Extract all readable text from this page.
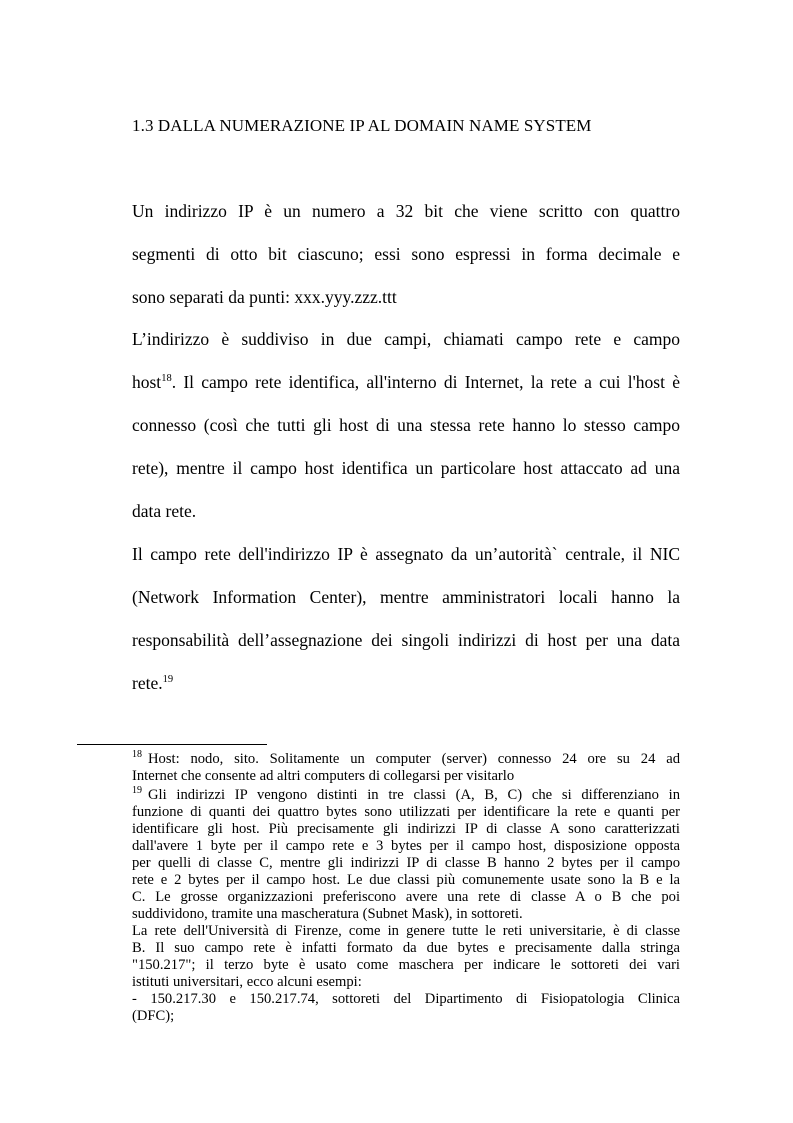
1.3 DALLA NUMERAZIONE IP AL DOMAIN NAME SYSTEM
Un indirizzo IP è un numero a 32 bit che viene scritto con quattro
segmenti di otto bit ciascuno; essi sono espressi in forma decimale e
sono separati da punti: xxx.yyy.zzz.ttt
L’indirizzo è suddiviso in due campi, chiamati campo rete e campo
host$^{18}$. Il campo rete identifica, all'interno di Internet, la rete a cui l'host è
connesso (così che tutti gli host di una stessa rete hanno lo stesso campo
rete), mentre il campo host identifica un particolare host attaccato ad una
data rete.
Il campo rete dell'indirizzo IP è assegnato da un’autorità` centrale, il NIC
(Network Information Center), mentre amministratori locali hanno la
responsabilità dell’assegnazione dei singoli indirizzi di host per una data
rete.$^{19}$
$^{18}$ Host: nodo, sito. Solitamente un computer (server) connesso 24 ore su 24 ad
Internet che consente ad altri computers di collegarsi per visitarlo
$^{19}$ Gli indirizzi IP vengono distinti in tre classi (A, B, C) che si differenziano in
funzione di quanti dei quattro bytes sono utilizzati per identificare la rete e quanti per
identificare gli host. Più precisamente gli indirizzi IP di classe A sono caratterizzati
dall'avere 1 byte per il campo rete e 3 bytes per il campo host, disposizione opposta
per quelli di classe C, mentre gli indirizzi IP di classe B hanno 2 bytes per il campo
rete e 2 bytes per il campo host. Le due classi più comunemente usate sono la B e la
C. Le grosse organizzazioni preferiscono avere una rete di classe A o B che poi
suddividono, tramite una mascheratura (Subnet Mask), in sottoreti.
La rete dell'Università di Firenze, come in genere tutte le reti universitarie, è di classe
B. Il suo campo rete è infatti formato da due bytes e precisamente dalla stringa
"150.217"; il terzo byte è usato come maschera per indicare le sottoreti dei vari
istituti universitari, ecco alcuni esempi:
- 150.217.30 e 150.217.74, sottoreti del Dipartimento di Fisiopatologia Clinica
(DFC);
